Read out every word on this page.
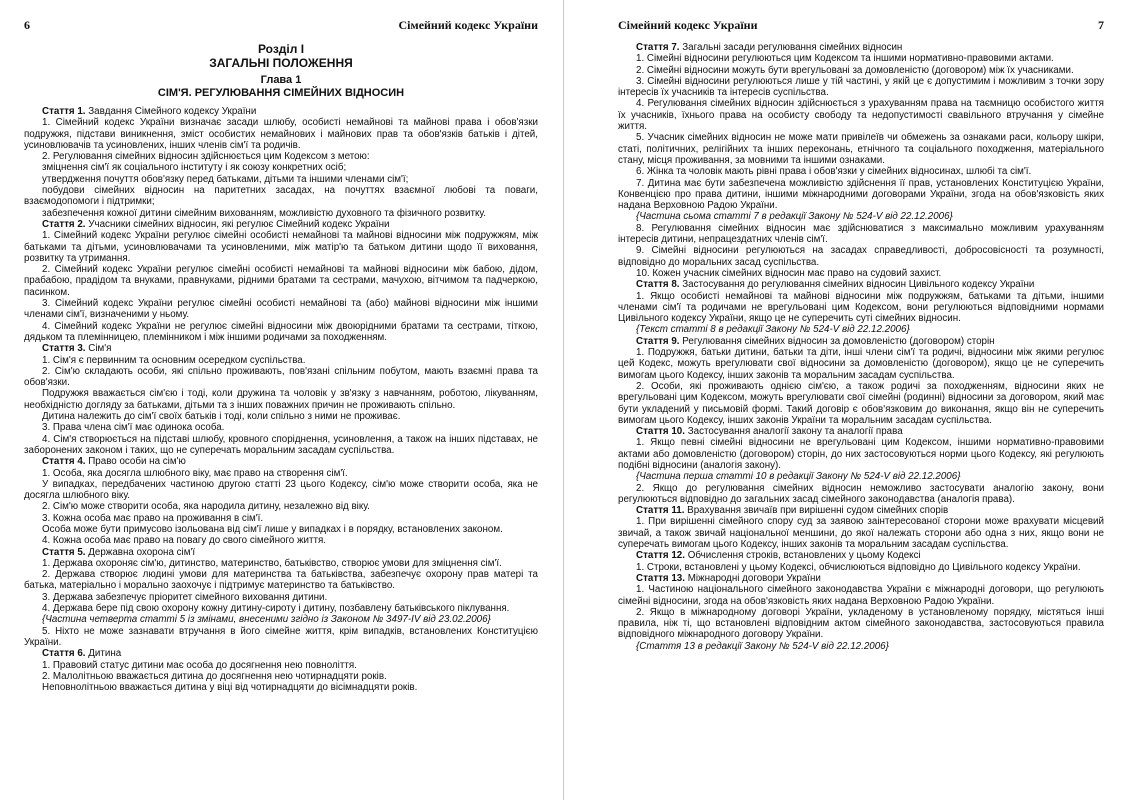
6	Сімейний кодекс України
Розділ I
ЗАГАЛЬНІ ПОЛОЖЕННЯ
Глава 1
СІМ'Я. РЕГУЛЮВАННЯ СІМЕЙНИХ ВІДНОСИН
Стаття 1. Завдання Сімейного кодексу України

1. Сімейний кодекс України визначає засади шлюбу, особисті немайнові та майнові права і обов'язки подружжя, підстави виникнення, зміст особистих немайнових і майнових прав та обов'язків батьків і дітей, усиновлювачів та усиновлених, інших членів сім'ї та родичів.

2. Регулювання сімейних відносин здійснюється цим Кодексом з метою:

зміцнення сім'ї як соціального інституту і як союзу конкретних осіб;

утвердження почуття обов'язку перед батьками, дітьми та іншими членами сім'ї;

побудови сімейних відносин на паритетних засадах, на почуттях взаємної любові та поваги, взаємодопомоги і підтримки;

забезпечення кожної дитини сімейним вихованням, можливістю духовного та фізичного розвитку.

Стаття 2. Учасники сімейних відносин, які регулює Сімейний кодекс України

1. Сімейний кодекс України регулює сімейні особисті немайнові та майнові відносини між подружжям, між батьками та дітьми, усиновлювачами та усиновленими, між матір'ю та батьком дитини щодо її виховання, розвитку та утримання.

2. Сімейний кодекс України регулює сімейні особисті немайнові та майнові відносини між бабою, дідом, прабабою, прадідом та внуками, правнуками, рідними братами та сестрами, мачухою, вітчимом та падчеркою, пасинком.

3. Сімейний кодекс України регулює сімейні особисті немайнові та (або) майнові відносини між іншими членами сім'ї, визначеними у ньому.

4. Сімейний кодекс України не регулює сімейні відносини між двоюрідними братами та сестрами, тіткою, дядьком та племінницею, племінником і між іншими родичами за походженням.

Стаття 3. Сім'я

1. Сім'я є первинним та основним осередком суспільства.

2. Сім'ю складають особи, які спільно проживають, пов'язані спільним побутом, мають взаємні права та обов'язки.

Подружжя вважається сім'єю і тоді, коли дружина та чоловік у зв'язку з навчанням, роботою, лікуванням, необхідністю догляду за батьками, дітьми та з інших поважних причин не проживають спільно.

Дитина належить до сім'ї своїх батьків і тоді, коли спільно з ними не проживає.

3. Права члена сім'ї має одинока особа.

4. Сім'я створюється на підставі шлюбу, кровного споріднення, усиновлення, а також на інших підставах, не заборонених законом і таких, що не суперечать моральним засадам суспільства.

Стаття 4. Право особи на сім'ю

1. Особа, яка досягла шлюбного віку, має право на створення сім'ї.

У випадках, передбачених частиною другою статті 23 цього Кодексу, сім'ю може створити особа, яка не досягла шлюбного віку.

2. Сім'ю може створити особа, яка народила дитину, незалежно від віку.

3. Кожна особа має право на проживання в сім'ї.

Особа може бути примусово ізольована від сім'ї лише у випадках і в порядку, встановлених законом.

4. Кожна особа має право на повагу до свого сімейного життя.

Стаття 5. Державна охорона сім'ї

1. Держава охороняє сім'ю, дитинство, материнство, батьківство, створює умови для зміцнення сім'ї.

2. Держава створює людині умови для материнства та батьківства, забезпечує охорону прав матері та батька, матеріально і морально заохочує і підтримує материнство та батьківство.

3. Держава забезпечує пріоритет сімейного виховання дитини.

4. Держава бере під свою охорону кожну дитину-сироту і дитину, позбавлену батьківського піклування.

{Частина четверта статті 5 із змінами, внесеними згідно із Законом № 3497-IV від 23.02.2006}

5. Ніхто не може зазнавати втручання в його сімейне життя, крім випадків, встановлених Конституцією України.

Стаття 6. Дитина

1. Правовий статус дитини має особа до досягнення нею повноліття.

2. Малолітньою вважається дитина до досягнення нею чотирнадцяти років.

Неповнолітньою вважається дитина у віці від чотирнадцяти до вісімнадцяти років.

Сімейний кодекс України	7
Стаття 7. Загальні засади регулювання сімейних відносин

1. Сімейні відносини регулюються цим Кодексом та іншими нормативно-правовими актами.

2. Сімейні відносини можуть бути врегульовані за домовленістю (договором) між їх учасниками.

3. Сімейні відносини регулюються лише у тій частині, у якій це є допустимим і можливим з точки зору інтересів їх учасників та інтересів суспільства.

4. Регулювання сімейних відносин здійснюється з урахуванням права на таємницю особистого життя їх учасників, їхнього права на особисту свободу та недопустимості свавільного втручання у сімейне життя.

5. Учасник сімейних відносин не може мати привілеїв чи обмежень за ознаками раси, кольору шкіри, статі, політичних, релігійних та інших переконань, етнічного та соціального походження, матеріального стану, місця проживання, за мовними та іншими ознаками.

6. Жінка та чоловік мають рівні права і обов'язки у сімейних відносинах, шлюбі та сім'ї.

7. Дитина має бути забезпечена можливістю здійснення її прав, установлених Конституцією України, Конвенцією про права дитини, іншими міжнародними договорами України, згода на обов'язковість яких надана Верховною Радою України.

{Частина сьома статті 7 в редакції Закону № 524-V від 22.12.2006}

8. Регулювання сімейних відносин має здійснюватися з максимально можливим урахуванням інтересів дитини, непрацездатних членів сім'ї.

9. Сімейні відносини регулюються на засадах справедливості, добросовісності та розумності, відповідно до моральних засад суспільства.

10. Кожен учасник сімейних відносин має право на судовий захист.

Стаття 8. Застосування до регулювання сімейних відносин Цивільного кодексу України

1. Якщо особисті немайнові та майнові відносини між подружжям, батьками та дітьми, іншими членами сім'ї та родичами не врегульовані цим Кодексом, вони регулюються відповідними нормами Цивільного кодексу України, якщо це не суперечить суті сімейних відносин.

{Текст статті 8 в редакції Закону № 524-V від 22.12.2006}
Стаття 9. Регулювання сімейних відносин за домовленістю (договором) сторін

1. Подружжя, батьки дитини, батьки та діти, інші члени сім'ї та родичі, відносини між якими регулює цей Кодекс, можуть врегулювати свої відносини за домовленістю (договором), якщо це не суперечить вимогам цього Кодексу, інших законів та моральним засадам суспільства.

2. Особи, які проживають однією сім'єю, а також родичі за походженням, відносини яких не врегульовані цим Кодексом, можуть врегулювати свої сімейні (родинні) відносини за договором, який має бути укладений у письмовій формі. Такий договір є обов'язковим до виконання, якщо він не суперечить вимогам цього Кодексу, інших законів України та моральним засадам суспільства.

Стаття 10. Застосування аналогії закону та аналогії права

1. Якщо певні сімейні відносини не врегульовані цим Кодексом, іншими нормативно-правовими актами або домовленістю (договором) сторін, до них застосовуються норми цього Кодексу, які регулюють подібні відносини (аналогія закону).

{Частина перша статті 10 в редакції Закону № 524-V від 22.12.2006}

2. Якщо до регулювання сімейних відносин неможливо застосувати аналогію закону, вони регулюються відповідно до загальних засад сімейного законодавства (аналогія права).

Стаття 11. Врахування звичаїв при вирішенні судом сімейних спорів

1. При вирішенні сімейного спору суд за заявою заінтересованої сторони може врахувати місцевий звичай, а також звичай національної меншини, до якої належать сторони або одна з них, якщо вони не суперечать вимогам цього Кодексу, інших законів та моральним засадам суспільства.

Стаття 12. Обчислення строків, встановлених у цьому Кодексі

1. Строки, встановлені у цьому Кодексі, обчислюються відповідно до Цивільного кодексу України.

Стаття 13. Міжнародні договори України

1. Частиною національного сімейного законодавства України є міжнародні договори, що регулюють сімейні відносини, згода на обов'язковість яких надана Верховною Радою України.

2. Якщо в міжнародному договорі України, укладеному в установленому порядку, містяться інші правила, ніж ті, що встановлені відповідним актом сімейного законодавства, застосовуються правила відповідного міжнародного договору України.

{Стаття 13 в редакції Закону № 524-V від 22.12.2006}
